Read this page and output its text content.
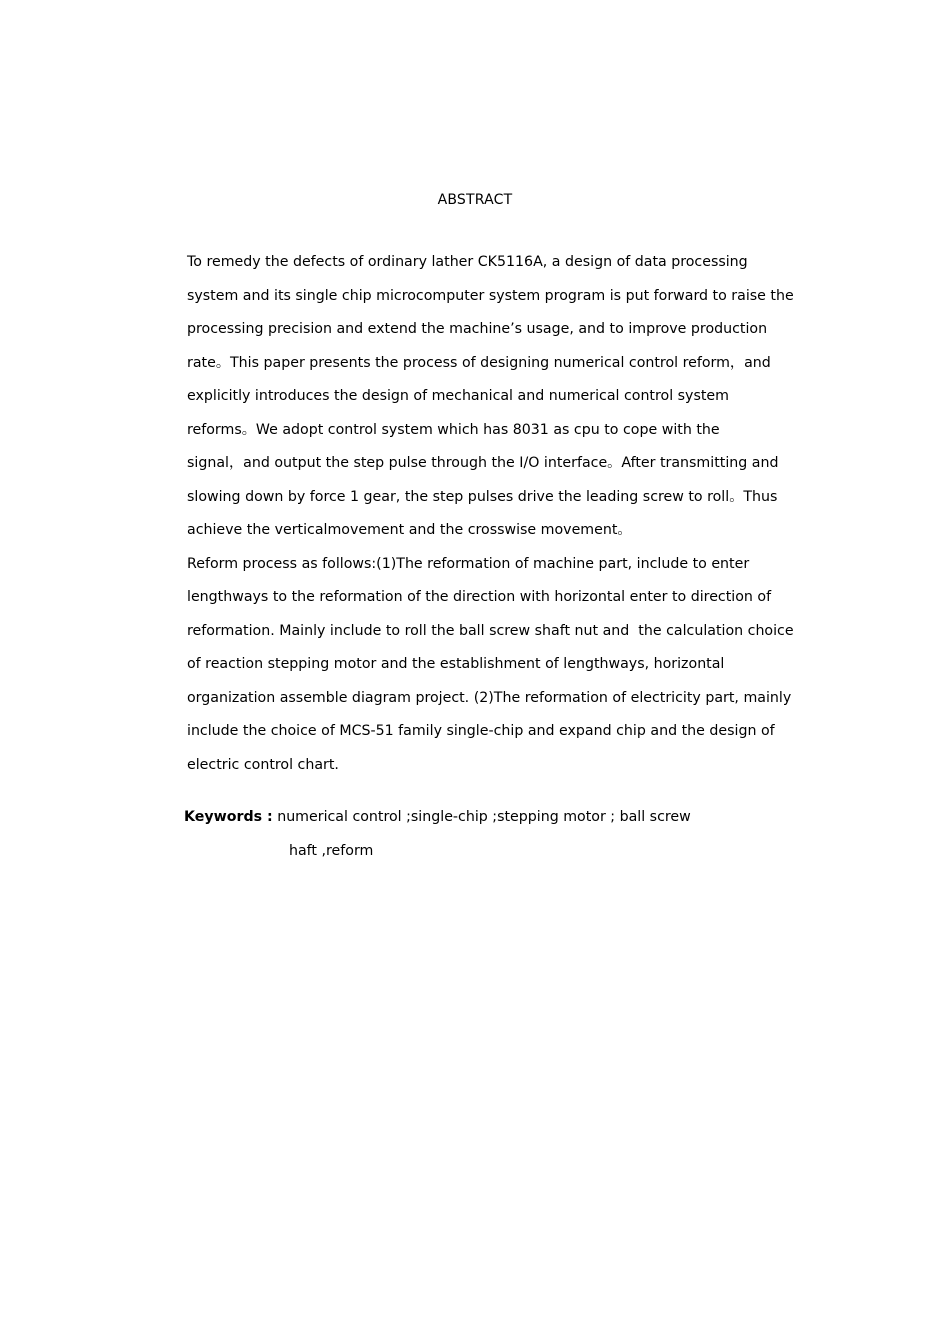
ABSTRACT
To remedy the defects of ordinary lather CK5116A, a design of data processing
system and its single chip microcomputer system program is put forward to raise the
processing precision and extend the machine’s usage, and to improve production
rate。This paper presents the process of designing numerical control reform，and
explicitly introduces the design of mechanical and numerical control system
reforms。We adopt control system which has 8031 as cpu to cope with the
signal，and output the step pulse through the I/O interface。After transmitting and
slowing down by force 1 gear, the step pulses drive the leading screw to roll。Thus
achieve the verticalmovement and the crosswise movement。
Reform process as follows:(1)The reformation of machine part, include to enter
lengthways to the reformation of the direction with horizontal enter to direction of
reformation. Mainly include to roll the ball screw shaft nut and  the calculation choice
of reaction stepping motor and the establishment of lengthways, horizontal
organization assemble diagram project. (2)The reformation of electricity part, mainly
include the choice of MCS-51 family single-chip and expand chip and the design of
electric control chart.
Keywords : numerical control ;single-chip ;stepping motor ; ball screw
haft ,reform
